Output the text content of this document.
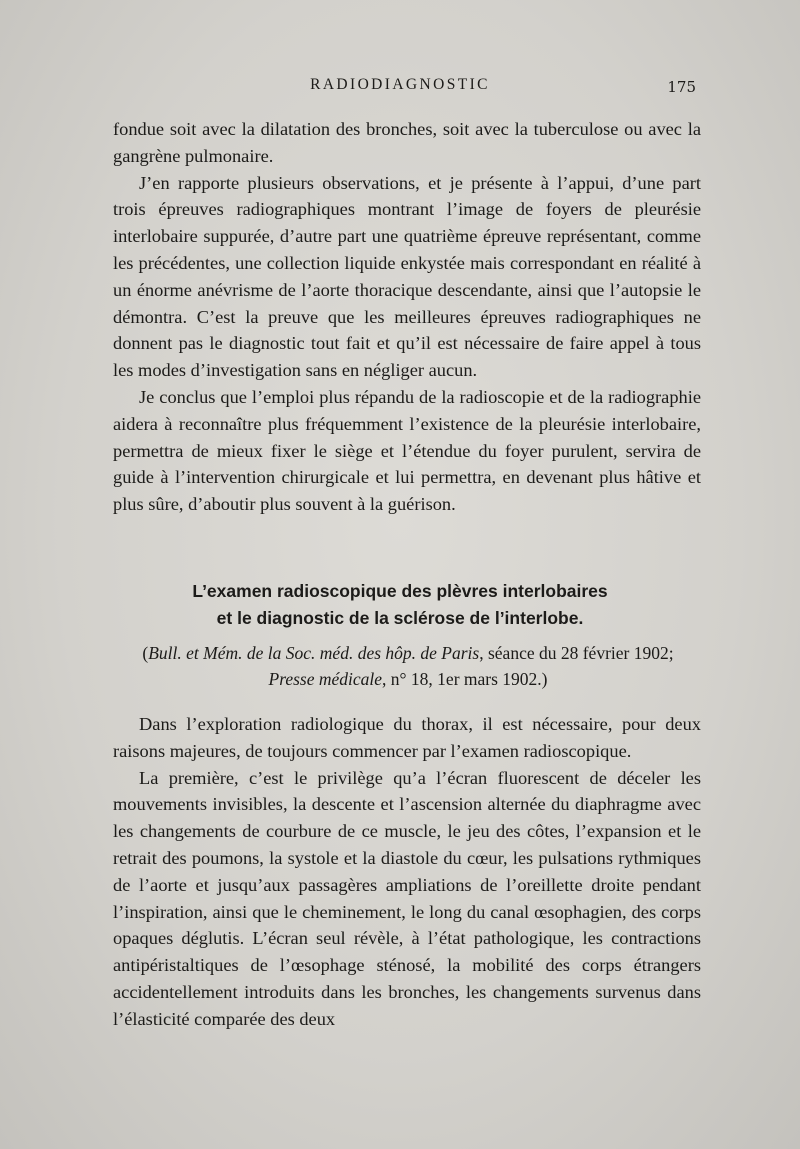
RADIODIAGNOSTIC	175

fondue soit avec la dilatation des bronches, soit avec la tuberculose ou avec la gangrène pulmonaire.

J’en rapporte plusieurs observations, et je présente à l’appui, d’une part trois épreuves radiographiques montrant l’image de foyers de pleurésie interlobaire suppurée, d’autre part une quatrième épreuve représentant, comme les précédentes, une collection liquide enkystée mais correspondant en réalité à un énorme anévrisme de l’aorte thoracique descendante, ainsi que l’autopsie le démontra. C’est la preuve que les meilleures épreuves radiographiques ne donnent pas le diagnostic tout fait et qu’il est nécessaire de faire appel à tous les modes d’investigation sans en négliger aucun.

Je conclus que l’emploi plus répandu de la radioscopie et de la radiographie aidera à reconnaître plus fréquemment l’existence de la pleurésie interlobaire, permettra de mieux fixer le siège et l’étendue du foyer purulent, servira de guide à l’intervention chirurgicale et lui permettra, en devenant plus hâtive et plus sûre, d’aboutir plus souvent à la guérison.

L’examen radioscopique des plèvres interlobaires
et le diagnostic de la sclérose de l’interlobe.
(Bull. et Mém. de la Soc. méd. des hôp. de Paris, séance du 28 février 1902;
Presse médicale, n° 18, 1er mars 1902.)

Dans l’exploration radiologique du thorax, il est nécessaire, pour deux raisons majeures, de toujours commencer par l’examen radioscopique.

La première, c’est le privilège qu’a l’écran fluorescent de déceler les mouvements invisibles, la descente et l’ascension alternée du diaphragme avec les changements de courbure de ce muscle, le jeu des côtes, l’expansion et le retrait des poumons, la systole et la diastole du cœur, les pulsations rythmiques de l’aorte et jusqu’aux passagères ampliations de l’oreillette droite pendant l’inspiration, ainsi que le cheminement, le long du canal œsophagien, des corps opaques déglutis. L’écran seul révèle, à l’état pathologique, les contractions antipéristaltiques de l’œsophage sténosé, la mobilité des corps étrangers accidentellement introduits dans les bronches, les changements survenus dans l’élasticité comparée des deux
